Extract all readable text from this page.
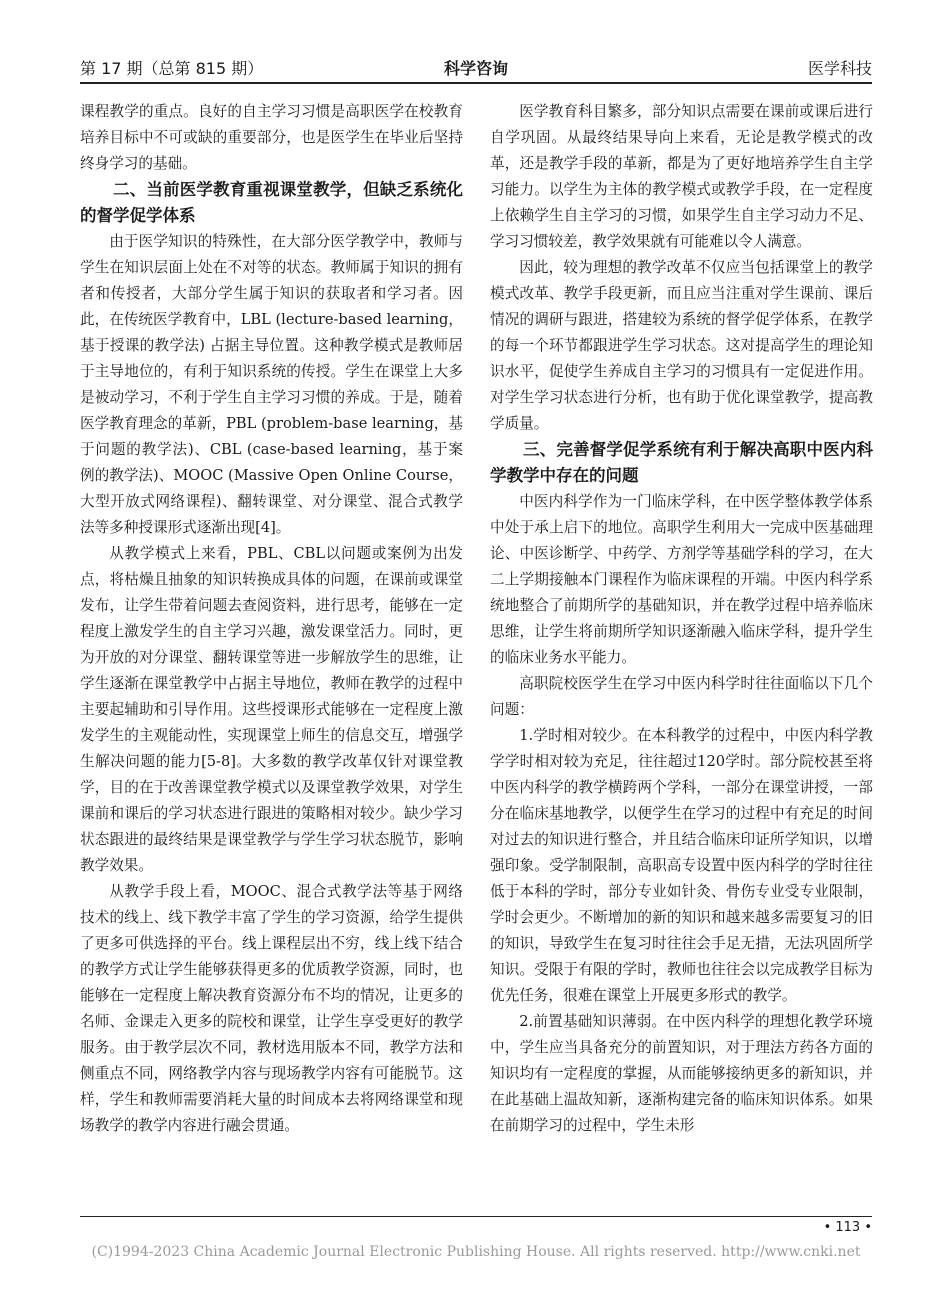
第 17 期（总第 815 期）	科学咨询	医学科技

课程教学的重点。良好的自主学习习惯是高职医学在校教育培养目标中不可或缺的重要部分，也是医学生在毕业后坚持终身学习的基础。

二、当前医学教育重视课堂教学，但缺乏系统化的督学促学体系

由于医学知识的特殊性，在大部分医学教学中，教师与学生在知识层面上处在不对等的状态。教师属于知识的拥有者和传授者，大部分学生属于知识的获取者和学习者。因此，在传统医学教育中，LBL (lecture-based learning，基于授课的教学法) 占据主导位置。这种教学模式是教师居于主导地位的，有利于知识系统的传授。学生在课堂上大多是被动学习，不利于学生自主学习习惯的养成。于是，随着医学教育理念的革新，PBL (problem-base learning，基于问题的教学法)、CBL (case-based learning，基于案例的教学法)、MOOC (Massive Open Online Course，大型开放式网络课程)、翻转课堂、对分课堂、混合式教学法等多种授课形式逐渐出现[4]。

从教学模式上来看，PBL、CBL以问题或案例为出发点，将枯燥且抽象的知识转换成具体的问题，在课前或课堂发布，让学生带着问题去查阅资料，进行思考，能够在一定程度上激发学生的自主学习兴趣，激发课堂活力。同时，更为开放的对分课堂、翻转课堂等进一步解放学生的思维，让学生逐渐在课堂教学中占据主导地位，教师在教学的过程中主要起辅助和引导作用。这些授课形式能够在一定程度上激发学生的主观能动性，实现课堂上师生的信息交互，增强学生解决问题的能力[5-8]。大多数的教学改革仅针对课堂教学，目的在于改善课堂教学模式以及课堂教学效果，对学生课前和课后的学习状态进行跟进的策略相对较少。缺少学习状态跟进的最终结果是课堂教学与学生学习状态脱节，影响教学效果。

从教学手段上看，MOOC、混合式教学法等基于网络技术的线上、线下教学丰富了学生的学习资源，给学生提供了更多可供选择的平台。线上课程层出不穷，线上线下结合的教学方式让学生能够获得更多的优质教学资源，同时，也能够在一定程度上解决教育资源分布不均的情况，让更多的名师、金课走入更多的院校和课堂，让学生享受更好的教学服务。由于教学层次不同，教材选用版本不同，教学方法和侧重点不同，网络教学内容与现场教学内容有可能脱节。这样，学生和教师需要消耗大量的时间成本去将网络课堂和现场教学的教学内容进行融会贯通。

医学教育科目繁多，部分知识点需要在课前或课后进行自学巩固。从最终结果导向上来看，无论是教学模式的改革，还是教学手段的革新，都是为了更好地培养学生自主学习能力。以学生为主体的教学模式或教学手段，在一定程度上依赖学生自主学习的习惯，如果学生自主学习动力不足、学习习惯较差，教学效果就有可能难以令人满意。

因此，较为理想的教学改革不仅应当包括课堂上的教学模式改革、教学手段更新，而且应当注重对学生课前、课后情况的调研与跟进，搭建较为系统的督学促学体系，在教学的每一个环节都跟进学生学习状态。这对提高学生的理论知识水平，促使学生养成自主学习的习惯具有一定促进作用。对学生学习状态进行分析，也有助于优化课堂教学，提高教学质量。

三、完善督学促学系统有利于解决高职中医内科学教学中存在的问题

中医内科学作为一门临床学科，在中医学整体教学体系中处于承上启下的地位。高职学生利用大一完成中医基础理论、中医诊断学、中药学、方剂学等基础学科的学习，在大二上学期接触本门课程作为临床课程的开端。中医内科学系统地整合了前期所学的基础知识，并在教学过程中培养临床思维，让学生将前期所学知识逐渐融入临床学科，提升学生的临床业务水平能力。

高职院校医学生在学习中医内科学时往往面临以下几个问题：

1.学时相对较少。在本科教学的过程中，中医内科学教学学时相对较为充足，往往超过120学时。部分院校甚至将中医内科学的教学横跨两个学科，一部分在课堂讲授，一部分在临床基地教学，以便学生在学习的过程中有充足的时间对过去的知识进行整合，并且结合临床印证所学知识，以增强印象。受学制限制，高职高专设置中医内科学的学时往往低于本科的学时，部分专业如针灸、骨伤专业受专业限制，学时会更少。不断增加的新的知识和越来越多需要复习的旧的知识，导致学生在复习时往往会手足无措，无法巩固所学知识。受限于有限的学时，教师也往往会以完成教学目标为优先任务，很难在课堂上开展更多形式的教学。

2.前置基础知识薄弱。在中医内科学的理想化教学环境中，学生应当具备充分的前置知识，对于理法方药各方面的知识均有一定程度的掌握，从而能够接纳更多的新知识，并在此基础上温故知新，逐渐构建完备的临床知识体系。如果在前期学习的过程中，学生未形

• 113 •
(C)1994-2023 China Academic Journal Electronic Publishing House. All rights reserved. http://www.cnki.net
